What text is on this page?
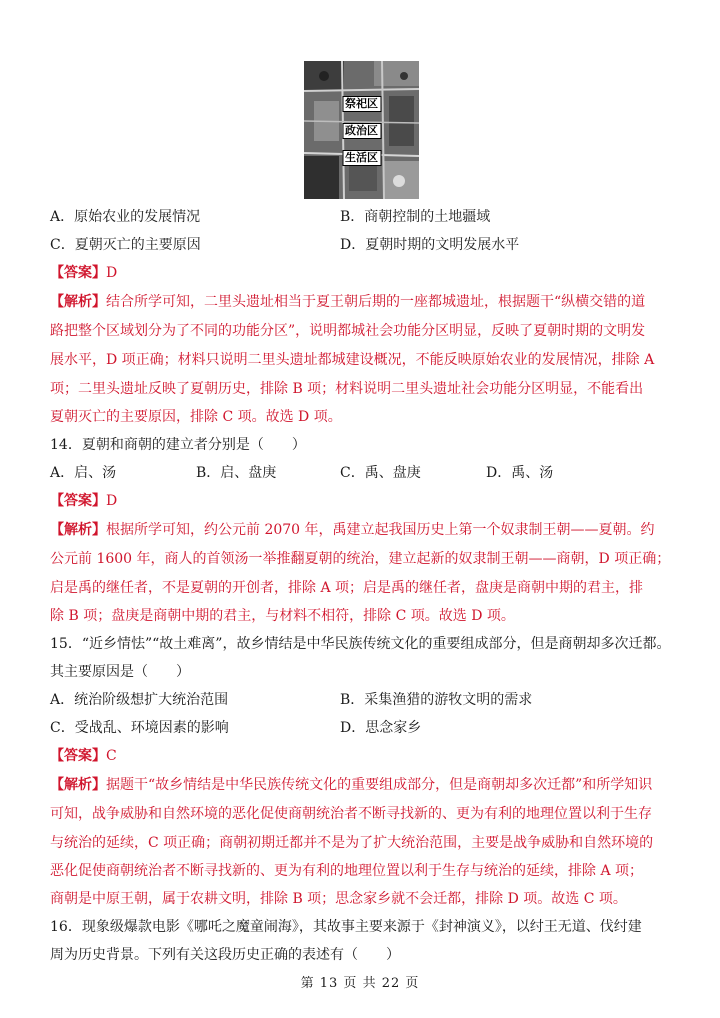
祭祀区
政治区
生活区
A．原始农业的发展情况	B．商朝控制的土地疆域
C．夏朝灭亡的主要原因	D．夏朝时期的文明发展水平
【答案】D
【解析】结合所学可知，二里头遗址相当于夏王朝后期的一座都城遗址，根据题干“纵横交错的道
路把整个区域划分为了不同的功能分区”，说明都城社会功能分区明显，反映了夏朝时期的文明发
展水平，D 项正确；材料只说明二里头遗址都城建设概况，不能反映原始农业的发展情况，排除 A
项；二里头遗址反映了夏朝历史，排除 B 项；材料说明二里头遗址社会功能分区明显，不能看出
夏朝灭亡的主要原因，排除 C 项。故选 D 项。
14．夏朝和商朝的建立者分别是（　　）
A．启、汤	B．启、盘庚	C．禹、盘庚	D．禹、汤
【答案】D
【解析】根据所学可知，约公元前 2070 年，禹建立起我国历史上第一个奴隶制王朝——夏朝。约
公元前 1600 年，商人的首领汤一举推翻夏朝的统治，建立起新的奴隶制王朝——商朝，D 项正确；
启是禹的继任者，不是夏朝的开创者，排除 A 项；启是禹的继任者，盘庚是商朝中期的君主，排
除 B 项；盘庚是商朝中期的君主，与材料不相符，排除 C 项。故选 D 项。
15．“近乡情怯”“故土难离”，故乡情结是中华民族传统文化的重要组成部分，但是商朝却多次迁都。
其主要原因是（　　）
A．统治阶级想扩大统治范围	B．采集渔猎的游牧文明的需求
C．受战乱、环境因素的影响	D．思念家乡
【答案】C
【解析】据题干“故乡情结是中华民族传统文化的重要组成部分，但是商朝却多次迁都”和所学知识
可知，战争威胁和自然环境的恶化促使商朝统治者不断寻找新的、更为有利的地理位置以利于生存
与统治的延续，C 项正确；商朝初期迁都并不是为了扩大统治范围，主要是战争威胁和自然环境的
恶化促使商朝统治者不断寻找新的、更为有利的地理位置以利于生存与统治的延续，排除 A 项；
商朝是中原王朝，属于农耕文明，排除 B 项；思念家乡就不会迁都，排除 D 项。故选 C 项。
16．现象级爆款电影《哪吒之魔童闹海》，其故事主要来源于《封神演义》，以纣王无道、伐纣建
周为历史背景。下列有关这段历史正确的表述有（　　）
第 13 页 共 22 页
